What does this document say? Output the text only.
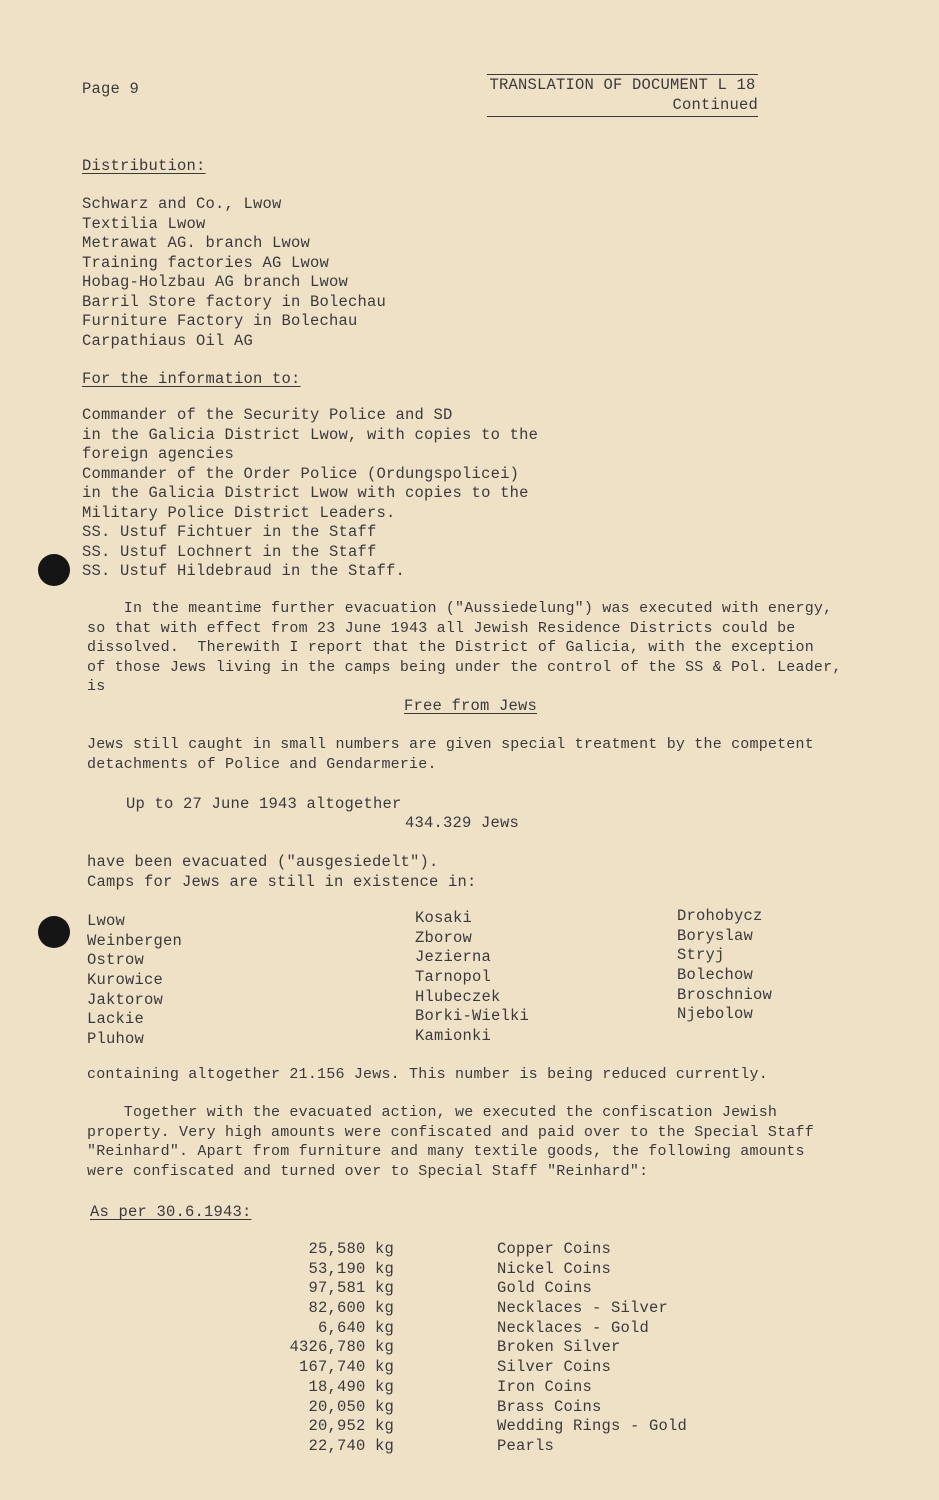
Page 9	TRANSLATION OF DOCUMENT L 18
Continued
Distribution:
Schwarz and Co., Lwow
Textilia Lwow
Metrawat AG. branch Lwow
Training factories AG Lwow
Hobag-Holzbau AG branch Lwow
Barril Store factory in Bolechau
Furniture Factory in Bolechau
Carpathiaus Oil AG
For the information to:
Commander of the Security Police and SD
in the Galicia District Lwow, with copies to the
foreign agencies
Commander of the Order Police (Ordungspolicei)
in the Galicia District Lwow with copies to the
Military Police District Leaders.
SS. Ustuf Fichtuer in the Staff
SS. Ustuf Lochnert in the Staff
SS. Ustuf Hildebraud in the Staff.
In the meantime further evacuation ("Aussiedelung") was executed with energy,
so that with effect from 23 June 1943 all Jewish Residence Districts could be
dissolved.  Therewith I report that the District of Galicia, with the exception
of those Jews living in the camps being under the control of the SS & Pol. Leader,
is
Free from Jews
Jews still caught in small numbers are given special treatment by the competent
detachments of Police and Gendarmerie.
Up to 27 June 1943 altogether
434.329 Jews
have been evacuated ("ausgesiedelt").
Camps for Jews are still in existence in:
Lwow
Weinbergen
Ostrow
Kurowice
Jaktorow
Lackie
Pluhow
Kosaki
Zborow
Jezierna
Tarnopol
Hlubeczek
Borki-Wielki
Kamionki
Drohobycz
Boryslaw
Stryj
Bolechow
Broschniow
Njebolow
containing altogether 21.156 Jews. This number is being reduced currently.
Together with the evacuated action, we executed the confiscation Jewish
property. Very high amounts were confiscated and paid over to the Special Staff
"Reinhard". Apart from furniture and many textile goods, the following amounts
were confiscated and turned over to Special Staff "Reinhard":
As per 30.6.1943:
25,580 kg
53,190 kg
97,581 kg
82,600 kg
6,640 kg
4326,780 kg
167,740 kg
18,490 kg
20,050 kg
20,952 kg
22,740 kg
Copper Coins
Nickel Coins
Gold Coins
Necklaces - Silver
Necklaces - Gold
Broken Silver
Silver Coins
Iron Coins
Brass Coins
Wedding Rings - Gold
Pearls
